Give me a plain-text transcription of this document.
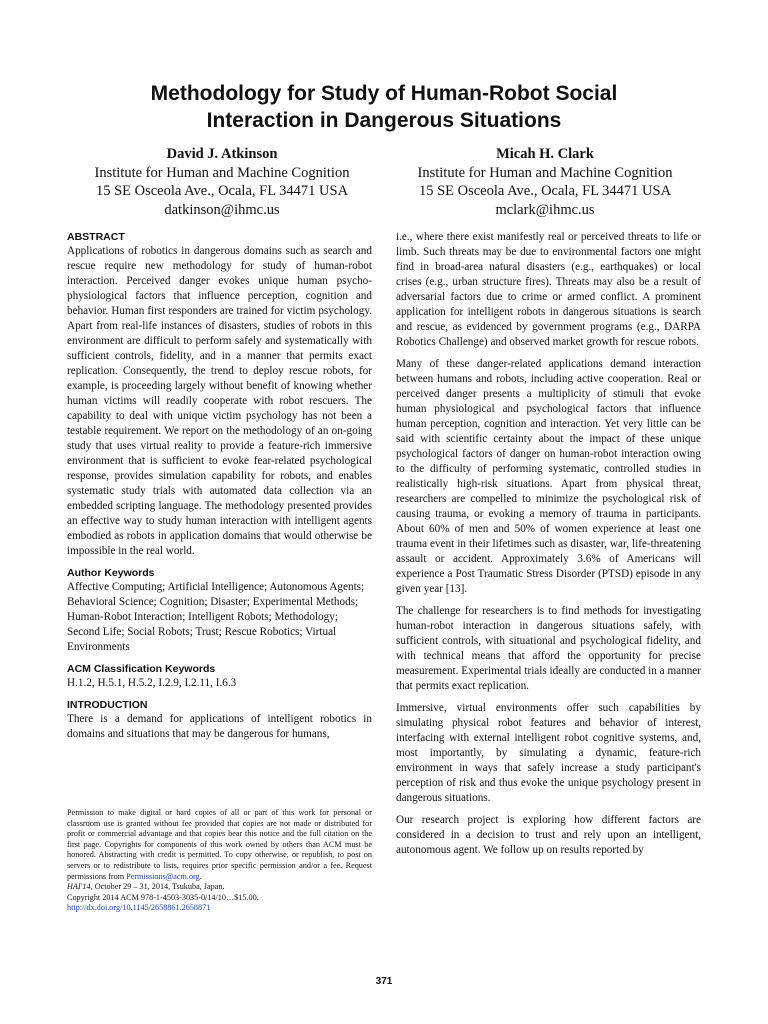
Methodology for Study of Human-Robot Social
Interaction in Dangerous Situations
David J. Atkinson
Institute for Human and Machine Cognition
15 SE Osceola Ave., Ocala, FL 34471 USA
datkinson@ihmc.us
Micah H. Clark
Institute for Human and Machine Cognition
15 SE Osceola Ave., Ocala, FL 34471 USA
mclark@ihmc.us
ABSTRACT
Applications of robotics in dangerous domains such as search and rescue require new methodology for study of human-robot interaction. Perceived danger evokes unique human psycho-physiological factors that influence perception, cognition and behavior. Human first responders are trained for victim psychology. Apart from real-life instances of disasters, studies of robots in this environment are difficult to perform safely and systematically with sufficient controls, fidelity, and in a manner that permits exact replication. Consequently, the trend to deploy rescue robots, for example, is proceeding largely without benefit of knowing whether human victims will readily cooperate with robot rescuers. The capability to deal with unique victim psychology has not been a testable requirement. We report on the methodology of an on-going study that uses virtual reality to provide a feature-rich immersive environment that is sufficient to evoke fear-related psychological response, provides simulation capability for robots, and enables systematic study trials with automated data collection via an embedded scripting language. The methodology presented provides an effective way to study human interaction with intelligent agents embodied as robots in application domains that would otherwise be impossible in the real world.
Author Keywords
Affective Computing; Artificial Intelligence; Autonomous Agents; Behavioral Science; Cognition; Disaster; Experimental Methods; Human-Robot Interaction; Intelligent Robots; Methodology; Second Life; Social Robots; Trust; Rescue Robotics; Virtual Environments
ACM Classification Keywords
H.1.2, H.5.1, H.5.2, I.2.9, I.2.11, I.6.3
INTRODUCTION
There is a demand for applications of intelligent robotics in domains and situations that may be dangerous for humans,
Permission to make digital or hard copies of all or part of this work for personal or classroom use is granted without fee provided that copies are not made or distributed for profit or commercial advantage and that copies bear this notice and the full citation on the first page. Copyrights for components of this work owned by others than ACM must be honored. Abstracting with credit is permitted. To copy otherwise, or republish, to post on servers or to redistribute to lists, requires prior specific permission and/or a fee. Request permissions from Permissions@acm.org.
HAI'14, October 29 – 31, 2014, Tsukuba, Japan.
Copyright 2014 ACM 978-1-4503-3035-0/14/10…$15.00.
http://dx.doi.org/10.1145/2658861.2658871
i.e., where there exist manifestly real or perceived threats to life or limb. Such threats may be due to environmental factors one might find in broad-area natural disasters (e.g., earthquakes) or local crises (e.g., urban structure fires). Threats may also be a result of adversarial factors due to crime or armed conflict. A prominent application for intelligent robots in dangerous situations is search and rescue, as evidenced by government programs (e.g., DARPA Robotics Challenge) and observed market growth for rescue robots.
Many of these danger-related applications demand interaction between humans and robots, including active cooperation. Real or perceived danger presents a multiplicity of stimuli that evoke human physiological and psychological factors that influence human perception, cognition and interaction. Yet very little can be said with scientific certainty about the impact of these unique psychological factors of danger on human-robot interaction owing to the difficulty of performing systematic, controlled studies in realistically high-risk situations. Apart from physical threat, researchers are compelled to minimize the psychological risk of causing trauma, or evoking a memory of trauma in participants. About 60% of men and 50% of women experience at least one trauma event in their lifetimes such as disaster, war, life-threatening assault or accident. Approximately 3.6% of Americans will experience a Post Traumatic Stress Disorder (PTSD) episode in any given year [13].
The challenge for researchers is to find methods for investigating human-robot interaction in dangerous situations safely, with sufficient controls, with situational and psychological fidelity, and with technical means that afford the opportunity for precise measurement. Experimental trials ideally are conducted in a manner that permits exact replication.
Immersive, virtual environments offer such capabilities by simulating physical robot features and behavior of interest, interfacing with external intelligent robot cognitive systems, and, most importantly, by simulating a dynamic, feature-rich environment in ways that safely increase a study participant's perception of risk and thus evoke the unique psychology present in dangerous situations.
Our research project is exploring how different factors are considered in a decision to trust and rely upon an intelligent, autonomous agent. We follow up on results reported by
371
